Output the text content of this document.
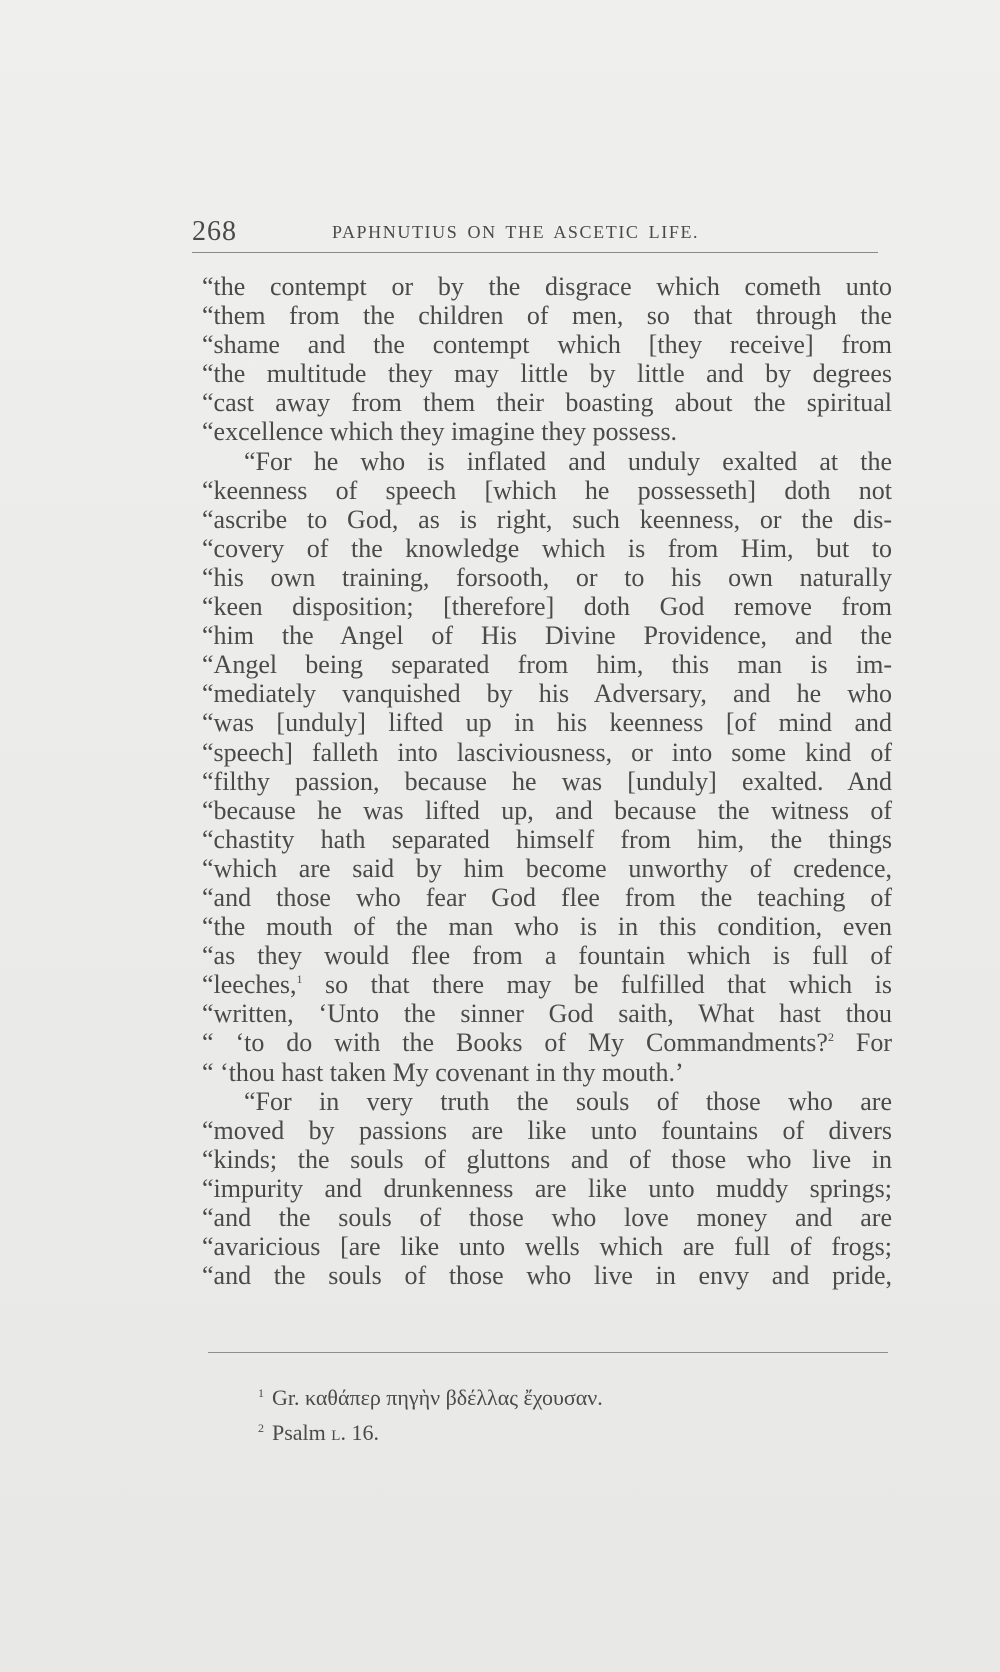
268	PAPHNUTIUS ON THE ASCETIC LIFE.
“the contempt or by the disgrace which cometh unto
“them from the children of men, so that through the
“shame and the contempt which [they receive] from
“the multitude they may little by little and by degrees
“cast away from them their boasting about the spiritual
“excellence which they imagine they possess.
“For he who is inflated and unduly exalted at the
“keenness of speech [which he possesseth] doth not
“ascribe to God, as is right, such keenness, or the dis-
“covery of the knowledge which is from Him, but to
“his own training, forsooth, or to his own naturally
“keen disposition; [therefore] doth God remove from
“him the Angel of His Divine Providence, and the
“Angel being separated from him, this man is im-
“mediately vanquished by his Adversary, and he who
“was [unduly] lifted up in his keenness [of mind and
“speech] falleth into lasciviousness, or into some kind of
“filthy passion, because he was [unduly] exalted. And
“because he was lifted up, and because the witness of
“chastity hath separated himself from him, the things
“which are said by him become unworthy of credence,
“and those who fear God flee from the teaching of
“the mouth of the man who is in this condition, even
“as they would flee from a fountain which is full of
“leeches,$^1$ so that there may be fulfilled that which is
“written, ‘Unto the sinner God saith, What hast thou
“ ‘to do with the Books of My Commandments?$^2$ For
“ ‘thou hast taken My covenant in thy mouth.’
“For in very truth the souls of those who are
“moved by passions are like unto fountains of divers
“kinds; the souls of gluttons and of those who live in
“impurity and drunkenness are like unto muddy springs;
“and the souls of those who love money and are
“avaricious [are like unto wells which are full of frogs;
“and the souls of those who live in envy and pride,
$^1$ Gr. καθάπερ πηγὴν βδέλλας ἔχουσαν.
$^2$ Psalm l. 16.
